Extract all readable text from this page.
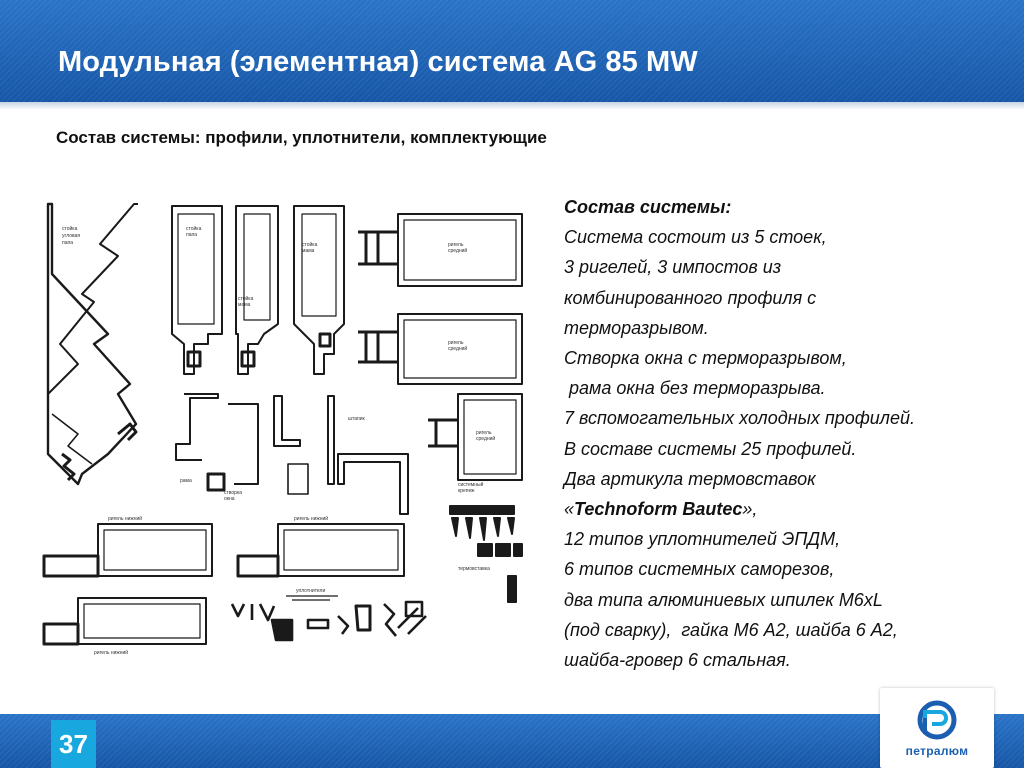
Модульная (элементная) система AG 85 MW
Состав системы: профили, уплотнители, комплектующие
стойка
угловая
папа
стойка
папа
стойка
мама
стойка
мама
ригель
средний
ригель
средний
ригель
средний
штапик
рама
створка
окна
ригель нижний	ригель нижний
ригель нижний
системный
крепеж
термовставка
уплотнители
Состав системы:
Система состоит из 5 стоек,
3 ригелей, 3 импостов из
комбинированного профиля с
терморазрывом.
Створка окна с терморазрывом,
рама окна без терморазрыва.
7 вспомогательных холодных профилей.
В составе системы 25 профилей.
Два артикула термовставок
«Technoform Bautec»,
12 типов уплотнителей ЭПДМ,
6 типов системных саморезов,
два типа алюминиевых шпилек М6xL
(под сварку),  гайка М6 А2, шайба 6 А2,
шайба-гровер 6 стальная.
37	петралюм
